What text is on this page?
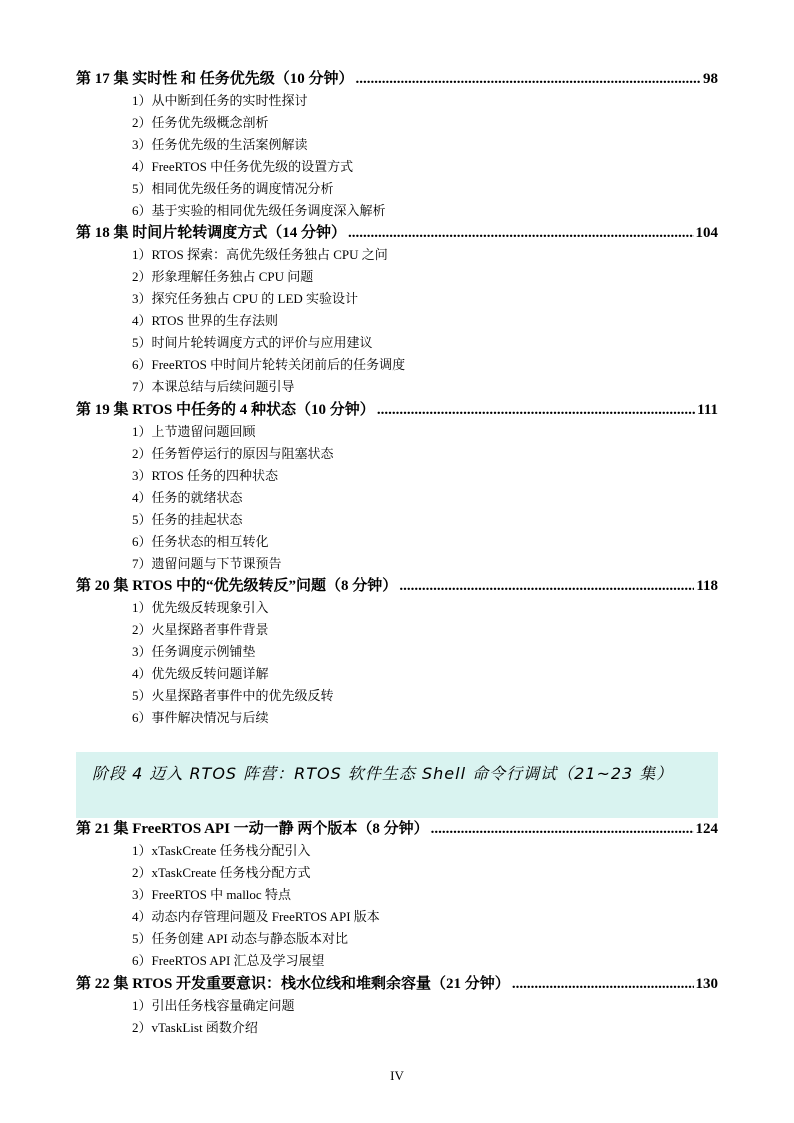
第 17 集 实时性 和 任务优先级（10 分钟） .....	98
1）从中断到任务的实时性探讨
2）任务优先级概念剖析
3）任务优先级的生活案例解读
4）FreeRTOS 中任务优先级的设置方式
5）相同优先级任务的调度情况分析
6）基于实验的相同优先级任务调度深入解析
第 18 集 时间片轮转调度方式（14 分钟） .....	104
1）RTOS 探索：高优先级任务独占 CPU 之问
2）形象理解任务独占 CPU 问题
3）探究任务独占 CPU 的 LED 实验设计
4）RTOS 世界的生存法则
5）时间片轮转调度方式的评价与应用建议
6）FreeRTOS 中时间片轮转关闭前后的任务调度
7）本课总结与后续问题引导
第 19 集 RTOS 中任务的 4 种状态（10 分钟） .....	111
1）上节遗留问题回顾
2）任务暂停运行的原因与阻塞状态
3）RTOS 任务的四种状态
4）任务的就绪状态
5）任务的挂起状态
6）任务状态的相互转化
7）遗留问题与下节课预告
第 20 集 RTOS 中的“优先级转反”问题（8 分钟） .....	118
1）优先级反转现象引入
2）火星探路者事件背景
3）任务调度示例铺垫
4）优先级反转问题详解
5）火星探路者事件中的优先级反转
6）事件解决情况与后续
阶段 4 迈入 RTOS 阵营：RTOS 软件生态 Shell 命令行调试（21~23 集）
第 21 集 FreeRTOS API 一动一静 两个版本（8 分钟） .....	124
1）xTaskCreate 任务栈分配引入
2）xTaskCreate 任务栈分配方式
3）FreeRTOS 中 malloc 特点
4）动态内存管理问题及 FreeRTOS API 版本
5）任务创建 API 动态与静态版本对比
6）FreeRTOS API 汇总及学习展望
第 22 集 RTOS 开发重要意识：栈水位线和堆剩余容量（21 分钟） .....	130
1）引出任务栈容量确定问题
2）vTaskList 函数介绍
IV
